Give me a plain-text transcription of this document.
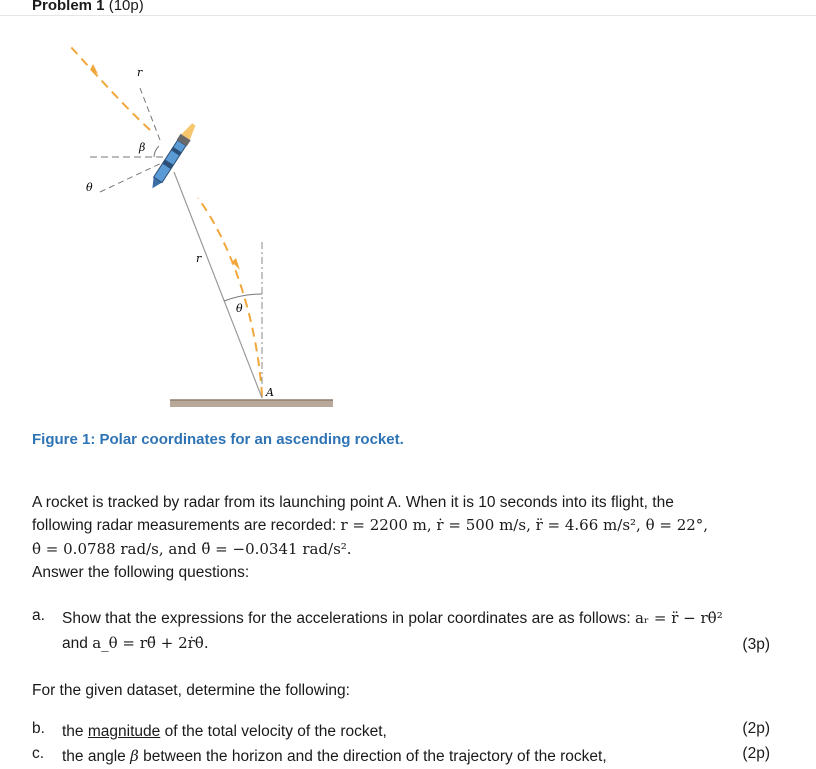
Problem 1 (10p)
r
β
θ
r
θ
A
Figure 1: Polar coordinates for an ascending rocket.
A rocket is tracked by radar from its launching point A. When it is 10 seconds into its flight, the
following radar measurements are recorded: r = 2200 m, ṙ = 500 m/s, r̈ = 4.66 m/s², θ = 22°,
θ̇ = 0.0788 rad/s, and θ̈ = −0.0341 rad/s².
Answer the following questions:
a. Show that the expressions for the accelerations in polar coordinates are as follows: aᵣ = r̈ − rθ̇²
and a_θ = rθ̈ + 2ṙθ̇.	(3p)
For the given dataset, determine the following:
b. the magnitude of the total velocity of the rocket,	(2p)
c. the angle β between the horizon and the direction of the trajectory of the rocket,	(2p)
